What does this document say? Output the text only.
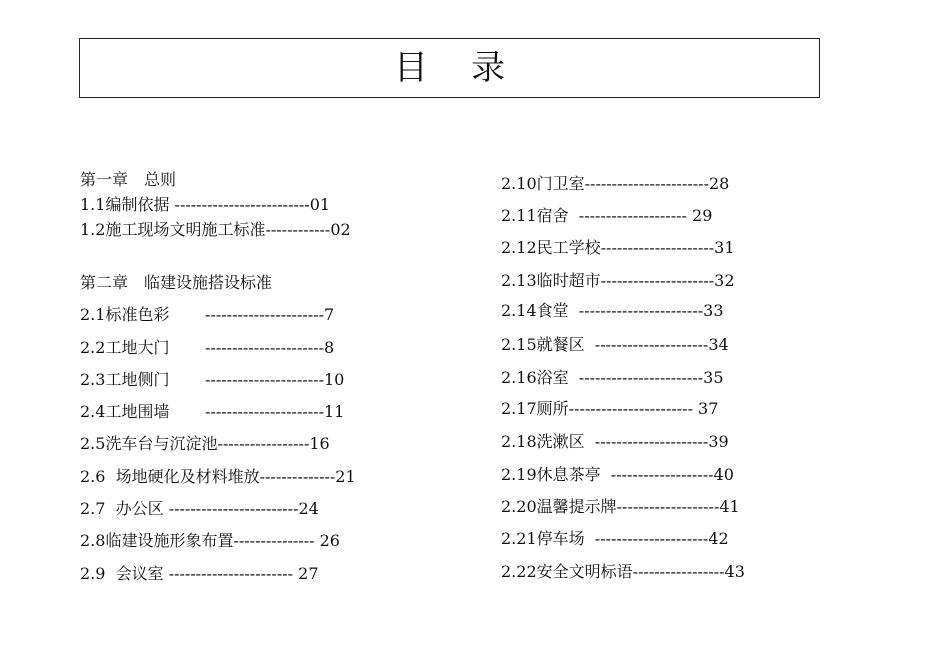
目    录
第一章　总则
1.1编制依据 -------------------------01
1.2施工现场文明施工标准------------02
第二章　临建设施搭设标准
2.1标准色彩       ----------------------7
2.2工地大门       ----------------------8
2.3工地侧门       ----------------------10
2.4工地围墙       ----------------------11
2.5洗车台与沉淀池-----------------16
2.6  场地硬化及材料堆放--------------21
2.7  办公区 ------------------------24
2.8临建设施形象布置--------------- 26
2.9  会议室 ----------------------- 27
2.10门卫室-----------------------28
2.11宿舍  -------------------- 29
2.12民工学校---------------------31
2.13临时超市---------------------32
2.14食堂  -----------------------33
2.15就餐区  ---------------------34
2.16浴室  -----------------------35
2.17厕所----------------------- 37
2.18洗漱区  ---------------------39
2.19休息茶亭  -------------------40
2.20温馨提示牌-------------------41
2.21停车场  ---------------------42
2.22安全文明标语-----------------43
